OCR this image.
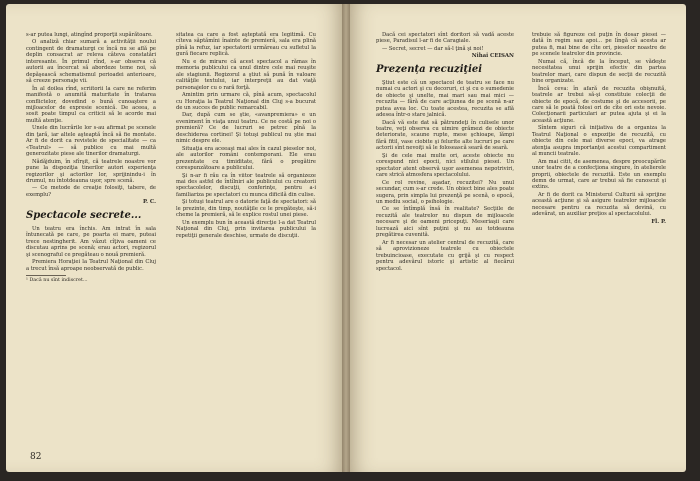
s-ar putea lungi, atingînd proporţii supărătoare.

O analiză chiar sumară a activităţii noului contingent de dramaturgi ce încă nu se află pe deplin consacrat ar releva câteva constatări interesante. În primul rînd, s-ar observa că autorii au încercat să abordeze teme noi, să depăşească schematismul perioadei anterioare, să creeze personaje vii.

În al doilea rînd, scriitorii la care ne referim manifestă o anumită maturitate în tratarea conflictelor, dovedind o bună cunoaştere a mijloacelor de expresie scenică. De aceea, a sosit poate timpul ca criticii să le acorde mai multă atenţie.

Unele din lucrările lor s-au afirmat pe scenele din ţară, iar altele aşteaptă încă să fie montate. Ar fi de dorit ca revistele de specialitate — ca «Teatrul» — să publice cu mai multă generozitate piese ale tinerilor dramaturgi.

Nădăjduim, în sfîrşit, că teatrele noastre vor pune la dispoziţia tinerilor autori experienţa regizorilor şi actorilor lor, sprijinindu-i în drumul, nu întotdeauna uşor, spre scenă.

— Ce metode de creaţie folosiţi, tabere, de exemplu?

P. C.
Spectacole secrete...

Un teatru era închis. Am intrat în sala întunecată pe care, pe poarta ei mare, puteai trece nestingherit. Am văzut cîţiva oameni ce discutau aprins pe scenă; erau actori, regizorul şi scenograful ce pregăteau o nouă premieră.

Premiera Horaţiei la Teatrul Naţional din Cluj a trecut însă aproape neobservată de public.

¹ Dacă nu sînt indiscret...

sitatea ca care a fost aşteptată era legitimă. Cu cîteva săptămîni înainte de premieră, sala era plină pînă la refuz, iar spectatorii urmăreau cu sufletul la gură fiecare replică.

Nu e de mirare că acest spectacol a rămas în memoria publicului ca unul dintre cele mai reuşite ale stagiunii. Regizorul a ştiut să pună în valoare calităţile textului, iar interpreţii au dat viaţă personajelor cu o rară forţă.

Amintim prin urmare că, pînă acum, spectacolul cu Horaţia la Teatrul Naţional din Cluj s-a bucurat de un succes de public remarcabil.

Dar, după cum se ştie, «avanpremiera» e un eveniment în viaţa unui teatru. Ce ne costă pe noi o premieră? Ce de lucruri se petrec pînă la deschiderea cortinei! Şi totuşi publicul nu ştie mai nimic despre ele.

Situaţia era aceeaşi mai ales în cazul pieselor noi, ale autorilor români contemporani. Ele erau prezentate cu timiditate, fără o pregătire corespunzătoare a publicului.

Şi n-ar fi rău ca în viitor teatrele să organizeze mai des astfel de întîlniri ale publicului cu creatorii spectacolelor, discuţii, conferinţe, pentru a-i familiariza pe spectatori cu munca dificilă din culise.

Şi totuşi teatrul are o datorie faţă de spectatori: să le prezinte, din timp, noutăţile ce le pregăteşte, să-i cheme la premieră, să le explice rostul unei piese.

Un exemplu bun în această direcţie l-a dat Teatrul Naţional din Cluj, prin invitarea publicului la repetiţii generale deschise, urmate de discuţii.

82

Dacă cei spectatori sînt doritori să vadă aceste piese, Paradisul l-ar fi de Caragiale.

— Secret, secret — dar să-l ţină şi noi!

Nihai CEISAN
Prezența recuziţiei

Ştiut este că un spectacol de teatru se face nu numai cu actori şi cu decoruri, ci şi cu o sumedenie de obiecte şi unelte, mai mari sau mai mici — recuzita — fără de care acţiunea de pe scenă n-ar putea avea loc. Cu toate acestea, recuzita se află adesea într-o stare jalnică.

Dacă vă este dat să pătrundeţi în culisele unor teatre, veţi observa cu uimire grămezi de obiecte deteriorate, scaune rupte, mese şchioape, lămpi fără fitil, vase ciobite şi felurite alte lucruri pe care actorii sînt nevoiţi să le folosească seară de seară.

Şi de cele mai multe ori, aceste obiecte nu corespund nici epocii, nici stilului piesei. Un spectator atent observă uşor asemenea nepotriviri, care strică atmosfera spectacolului.

Ce rol revine, aşadar, recuzitei? Nu unul secundar, cum s-ar crede. Un obiect bine ales poate sugera, prin simpla lui prezenţă pe scenă, o epocă, un mediu social, o psihologie.

Ce se întîmplă însă în realitate? Secţiile de recuzită ale teatrelor nu dispun de mijloacele necesare şi de oameni pricepuţi. Meseriaşii care lucrează aici sînt puţini şi nu au totdeauna pregătirea cuvenită.

Ar fi necesar un atelier central de recuzită, care să aprovizioneze teatrele cu obiectele trebuincioase, executate cu grijă şi cu respect pentru adevărul istoric şi artistic al fiecărui spectacol.

trebuie să figureze cel puţin în dosar piesei — dată în regim sau apoi... pe lîngă că acesta ar putea fi, mai bine de cîte ori, pieselor noastre de pe scenele teatrelor din provincie.

Numai că, încă de la început, se vădeşte necesitatea unui sprijin efectiv din partea teatrelor mari, care dispun de secţii de recuzită bine organizate.

Încă ceva: în afară de recuzita obişnuită, teatrele ar trebui să-şi constituie colecţii de obiecte de epocă, de costume şi de accesorii, pe care să le poată folosi ori de cîte ori este nevoie. Colecţionarii particulari ar putea ajuta şi ei la această acţiune.

Sîntem siguri că iniţiativa de a organiza la Teatrul Naţional o expoziţie de recuzită, cu obiecte din cele mai diverse epoci, va atrage atenţia asupra importanţei acestui compartiment al muncii teatrale.

Am mai citit, de asemenea, despre preocupările unor teatre de a confecţiona singure, în atelierele proprii, obiectele de recuzită. Este un exemplu demn de urmat, care ar trebui să fie cunoscut şi extins.

Ar fi de dorit ca Ministerul Culturii să sprijine această acţiune şi să asigure teatrelor mijloacele necesare pentru ca recuzita să devină, cu adevărat, un auxiliar preţios al spectacolului.

Fl. P.
